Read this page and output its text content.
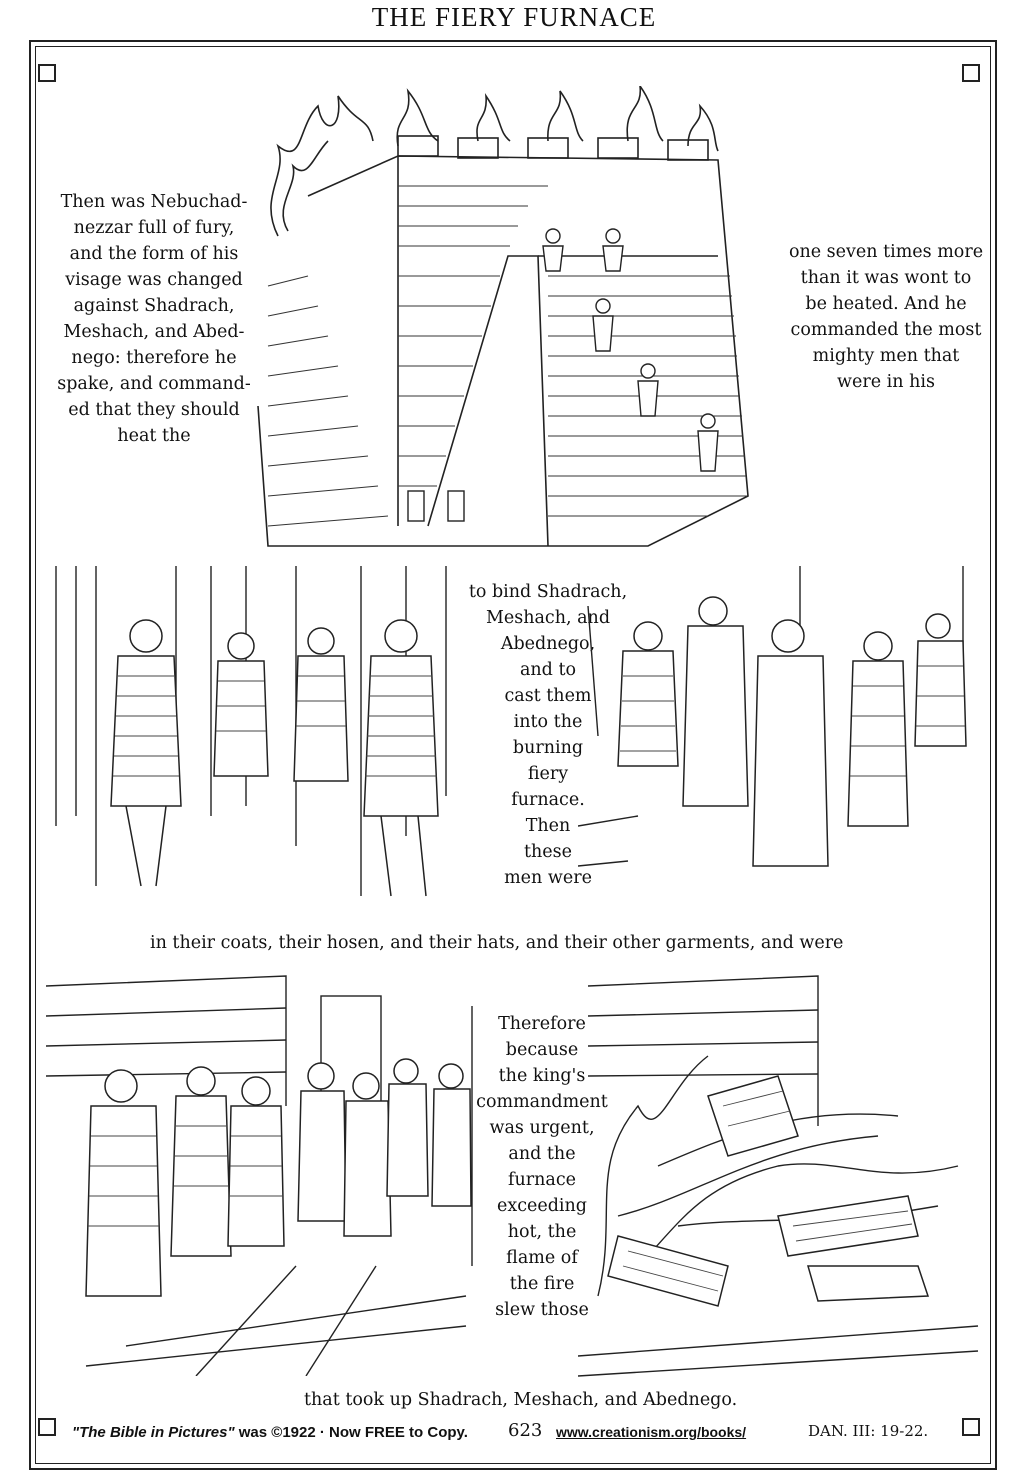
THE FIERY FURNACE
Then was Nebuchad-
nezzar full of fury,
and the form of his
visage was changed
against Shadrach,
Meshach, and Abed-
nego: therefore he
spake, and command-
ed that they should
heat the
one seven times more
than it was wont to
be heated. And he
commanded the most
mighty men that
were in his
to bind Shadrach,
Meshach, and
Abednego,
and to
cast them
into the
burning
fiery
furnace.
Then
these
men were
in their coats, their hosen, and their hats, and their other garments, and were
Therefore
because
the king's
commandment
was urgent,
and the
furnace
exceeding
hot, the
flame of
the fire
slew those
that took up Shadrach, Meshach, and Abednego.
"The Bible in Pictures" was ©1922 · Now FREE to Copy. 623 www.creationism.org/books/	DAN. III: 19-22.
